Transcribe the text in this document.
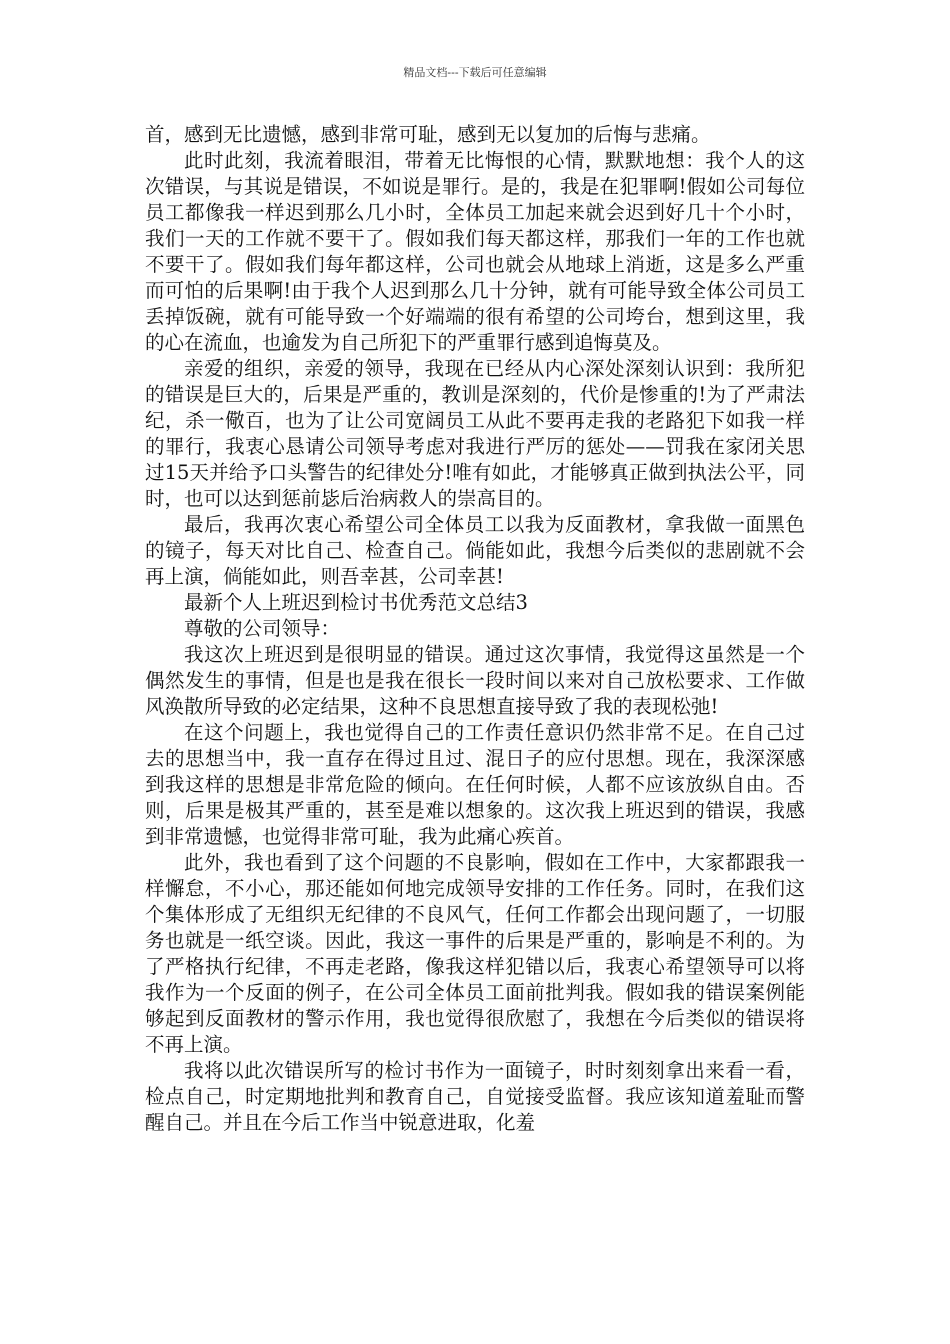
精品文档---下载后可任意编辑

首，感到无比遗憾，感到非常可耻，感到无以复加的后悔与悲痛。

此时此刻，我流着眼泪，带着无比悔恨的心情，默默地想：我个人的这次错误，与其说是错误，不如说是罪行。是的，我是在犯罪啊!假如公司每位员工都像我一样迟到那么几小时，全体员工加起来就会迟到好几十个小时，我们一天的工作就不要干了。假如我们每天都这样，那我们一年的工作也就不要干了。假如我们每年都这样，公司也就会从地球上消逝，这是多么严重而可怕的后果啊!由于我个人迟到那么几十分钟，就有可能导致全体公司员工丢掉饭碗，就有可能导致一个好端端的很有希望的公司垮台，想到这里，我的心在流血，也逾发为自己所犯下的严重罪行感到追悔莫及。

亲爱的组织，亲爱的领导，我现在已经从内心深处深刻认识到：我所犯的错误是巨大的，后果是严重的，教训是深刻的，代价是惨重的!为了严肃法纪，杀一儆百，也为了让公司宽阔员工从此不要再走我的老路犯下如我一样的罪行，我衷心恳请公司领导考虑对我进行严厉的惩处——罚我在家闭关思过15天并给予口头警告的纪律处分!唯有如此，才能够真正做到执法公平，同时，也可以达到惩前毖后治病救人的崇高目的。

最后，我再次衷心希望公司全体员工以我为反面教材，拿我做一面黑色的镜子，每天对比自己、检查自己。倘能如此，我想今后类似的悲剧就不会再上演，倘能如此，则吾幸甚，公司幸甚!

最新个人上班迟到检讨书优秀范文总结3

尊敬的公司领导：

我这次上班迟到是很明显的错误。通过这次事情，我觉得这虽然是一个偶然发生的事情，但是也是我在很长一段时间以来对自己放松要求、工作做风涣散所导致的必定结果，这种不良思想直接导致了我的表现松弛!

在这个问题上，我也觉得自己的工作责任意识仍然非常不足。在自己过去的思想当中，我一直存在得过且过、混日子的应付思想。现在，我深深感到我这样的思想是非常危险的倾向。在任何时候，人都不应该放纵自由。否则，后果是极其严重的，甚至是难以想象的。这次我上班迟到的错误，我感到非常遗憾，也觉得非常可耻，我为此痛心疾首。

此外，我也看到了这个问题的不良影响，假如在工作中，大家都跟我一样懈怠，不小心，那还能如何地完成领导安排的工作任务。同时，在我们这个集体形成了无组织无纪律的不良风气，任何工作都会出现问题了，一切服务也就是一纸空谈。因此，我这一事件的后果是严重的，影响是不利的。为了严格执行纪律，不再走老路，像我这样犯错以后，我衷心希望领导可以将我作为一个反面的例子，在公司全体员工面前批判我。假如我的错误案例能够起到反面教材的警示作用，我也觉得很欣慰了，我想在今后类似的错误将不再上演。

我将以此次错误所写的检讨书作为一面镜子，时时刻刻拿出来看一看，检点自己，时定期地批判和教育自己，自觉接受监督。我应该知道羞耻而警醒自己。并且在今后工作当中锐意进取，化羞
